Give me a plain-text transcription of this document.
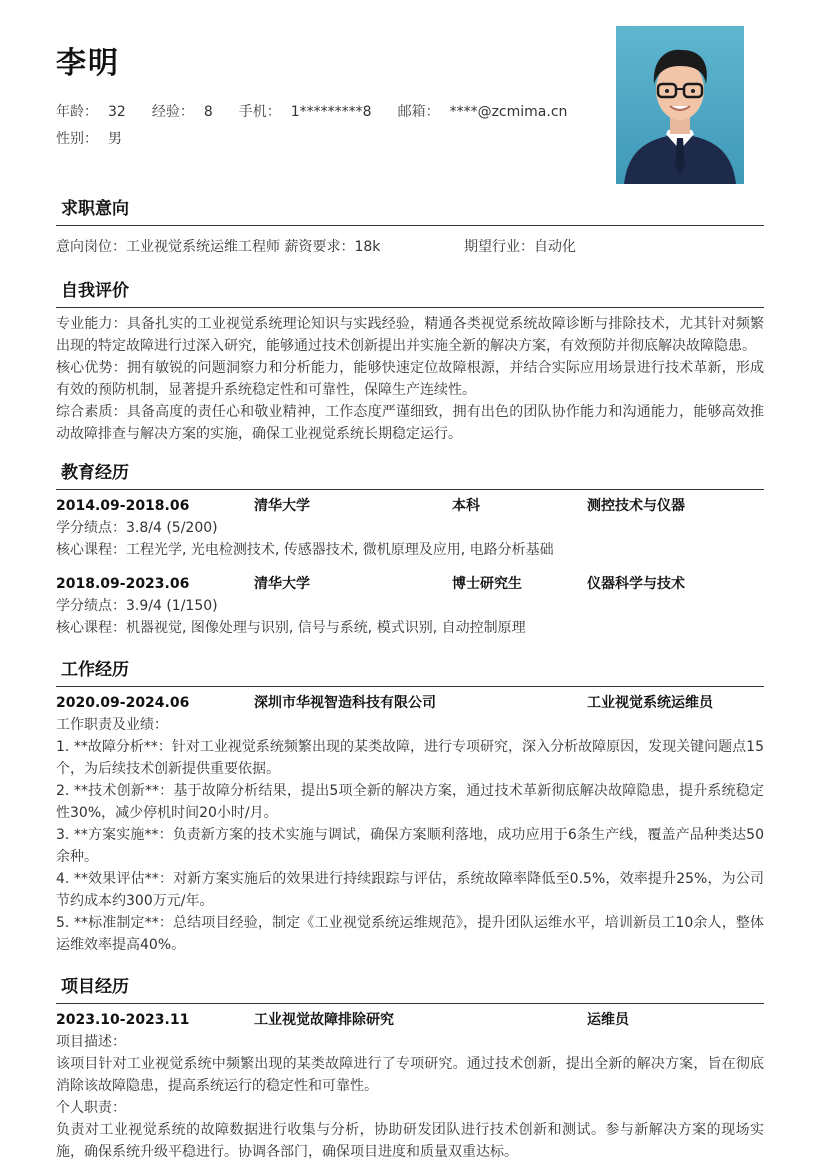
李明
年龄： 32 经验： 8 手机： 1*********8 邮箱： ****@zcmima.cn
性别： 男
求职意向
意向岗位：工业视觉系统运维工程师 薪资要求：18k	期望行业：自动化
自我评价

专业能力：具备扎实的工业视觉系统理论知识与实践经验，精通各类视觉系统故障诊断与排除技术，尤其针对频繁出现的特定故障进行过深入研究，能够通过技术创新提出并实施全新的解决方案，有效预防并彻底解决故障隐患。

核心优势：拥有敏锐的问题洞察力和分析能力，能够快速定位故障根源，并结合实际应用场景进行技术革新，形成有效的预防机制，显著提升系统稳定性和可靠性，保障生产连续性。

综合素质：具备高度的责任心和敬业精神，工作态度严谨细致，拥有出色的团队协作能力和沟通能力，能够高效推动故障排查与解决方案的实施，确保工业视觉系统长期稳定运行。

教育经历
2014.09-2018.06	清华大学	本科	测控技术与仪器

学分绩点：3.8/4 (5/200)

核心课程：工程光学, 光电检测技术, 传感器技术, 微机原理及应用, 电路分析基础

2018.09-2023.06	清华大学	博士研究生	仪器科学与技术

学分绩点：3.9/4 (1/150)

核心课程：机器视觉, 图像处理与识别, 信号与系统, 模式识别, 自动控制原理

工作经历
2020.09-2024.06	深圳市华视智造科技有限公司	工业视觉系统运维员

工作职责及业绩：

1. **故障分析**：针对工业视觉系统频繁出现的某类故障，进行专项研究，深入分析故障原因，发现关键问题点15个，为后续技术创新提供重要依据。

2. **技术创新**：基于故障分析结果，提出5项全新的解决方案，通过技术革新彻底解决故障隐患，提升系统稳定性30%，减少停机时间20小时/月。

3. **方案实施**：负责新方案的技术实施与调试，确保方案顺利落地，成功应用于6条生产线，覆盖产品种类达50余种。

4. **效果评估**：对新方案实施后的效果进行持续跟踪与评估，系统故障率降低至0.5%，效率提升25%，为公司节约成本约300万元/年。

5. **标准制定**：总结项目经验，制定《工业视觉系统运维规范》，提升团队运维水平，培训新员工10余人，整体运维效率提高40%。

项目经历
2023.10-2023.11	工业视觉故障排除研究	运维员

项目描述：

该项目针对工业视觉系统中频繁出现的某类故障进行了专项研究。通过技术创新，提出全新的解决方案，旨在彻底消除该故障隐患，提高系统运行的稳定性和可靠性。

个人职责：

负责对工业视觉系统的故障数据进行收集与分析，协助研发团队进行技术创新和测试。参与新解决方案的现场实施，确保系统升级平稳进行。协调各部门，确保项目进度和质量双重达标。
